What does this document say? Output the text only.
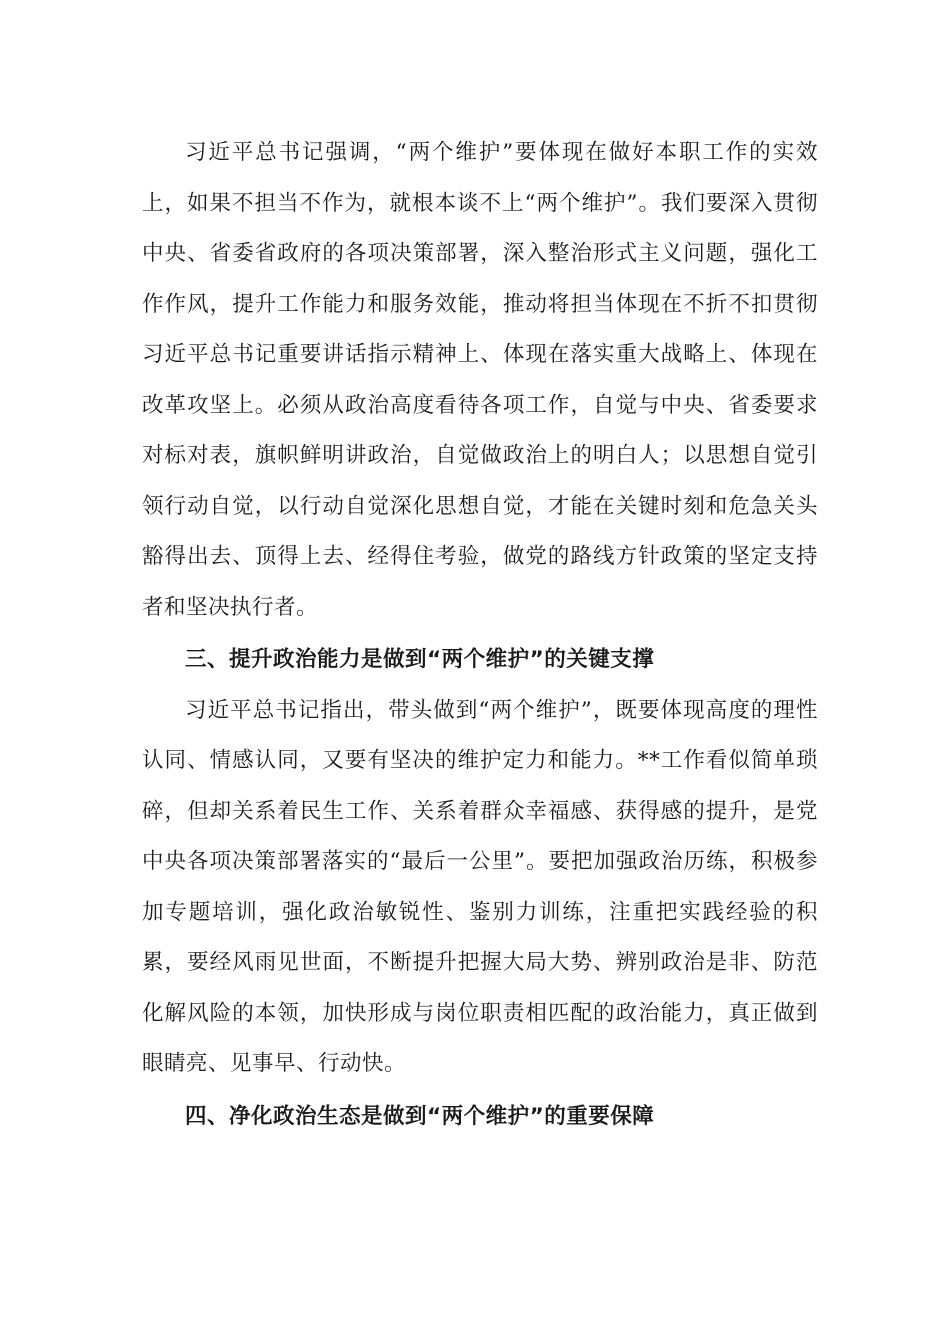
习近平总书记强调，“两个维护”要体现在做好本职工作的实效上，如果不担当不作为，就根本谈不上“两个维护”。我们要深入贯彻中央、省委省政府的各项决策部署，深入整治形式主义问题，强化工作作风，提升工作能力和服务效能，推动将担当体现在不折不扣贯彻习近平总书记重要讲话指示精神上、体现在落实重大战略上、体现在改革攻坚上。必须从政治高度看待各项工作，自觉与中央、省委要求对标对表，旗帜鲜明讲政治，自觉做政治上的明白人；以思想自觉引领行动自觉，以行动自觉深化思想自觉，才能在关键时刻和危急关头豁得出去、顶得上去、经得住考验，做党的路线方针政策的坚定支持者和坚决执行者。

三、提升政治能力是做到“两个维护”的关键支撑

习近平总书记指出，带头做到“两个维护”，既要体现高度的理性认同、情感认同，又要有坚决的维护定力和能力。**工作看似简单琐碎，但却关系着民生工作、关系着群众幸福感、获得感的提升，是党中央各项决策部署落实的“最后一公里”。要把加强政治历练，积极参加专题培训，强化政治敏锐性、鉴别力训练，注重把实践经验的积累，要经风雨见世面，不断提升把握大局大势、辨别政治是非、防范化解风险的本领，加快形成与岗位职责相匹配的政治能力，真正做到眼睛亮、见事早、行动快。

四、净化政治生态是做到“两个维护”的重要保障
